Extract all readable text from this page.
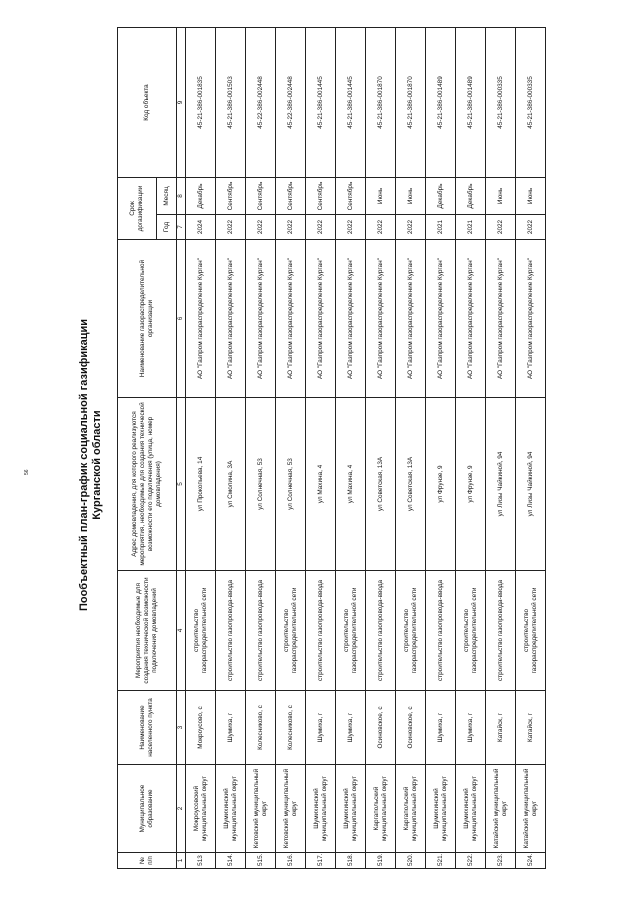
56	Пообъектный план-график социальной газификации Курганской области
№ п/п	Муниципальное образование	Наименование населенного пункта	Мероприятия необходимые для создания технической возможности подключения домовладений	Адрес домовладения, для которого реализуются мероприятия, необходимые для создания технической возможности его подключения (улица, номер домовладения)	Наименование газораспределительной организации	Срок догазификации		Код объекта
						Год	Месяц	
1	2	3	4	5	6	7	8	9
513	Мокроусовский муниципальный округ	Мокроусово, с	строительство газораспределительной сети	ул Прокопьева, 14	АО "Газпром газораспределение Курган"	2024	Декабрь	45-21-386-001835
514.	Шумихинский муниципальный округ	Шумиха, г	строительство газопровода-ввода	ул Смолина, 3А	АО "Газпром газораспределение Курган"	2022	Сентябрь	45-21-386-001503
515.	Кетовский муниципальный округ	Колесниково, с	строительство газопровода-ввода	ул Солнечная, 53	АО "Газпром газораспределение Курган"	2022	Сентябрь	45-22-386-002448
516.	Кетовский муниципальный округ	Колесниково, с	строительство газораспределительной сети	ул Солнечная, 53	АО "Газпром газораспределение Курган"	2022	Сентябрь	45-22-386-002448
517.	Шумихинский муниципальный округ	Шумиха, г	строительство газопровода-ввода	ул Махина, 4	АО "Газпром газораспределение Курган"	2022	Сентябрь	45-21-386-001445
518.	Шумихинский муниципальный округ	Шумиха, г	строительство газораспределительной сети	ул Махина, 4	АО "Газпром газораспределение Курган"	2022	Сентябрь	45-21-386-001445
519.	Каргапольский муниципальный округ	Осиновское, с	строительство газопровода-ввода	ул Советская, 13А	АО "Газпром газораспределение Курган"	2022	Июнь	45-21-386-001870
520.	Каргапольский муниципальный округ	Осиновское, с	строительство газораспределительной сети	ул Советская, 13А	АО "Газпром газораспределение Курган"	2022	Июнь	45-21-386-001870
521.	Шумихинский муниципальный округ	Шумиха, г	строительство газопровода-ввода	ул Фрунзе, 9	АО "Газпром газораспределение Курган"	2021	Декабрь	45-21-386-001489
522.	Шумихинский муниципальный округ	Шумиха, г	строительство газораспределительной сети	ул Фрунзе, 9	АО "Газпром газораспределение Курган"	2021	Декабрь	45-21-386-001489
523.	Катайский муниципальный округ	Катайск, г	строительство газопровода-ввода	ул Лизы Чайкиной, 94	АО "Газпром газораспределение Курган"	2022	Июнь	45-21-386-000335
524.	Катайский муниципальный округ	Катайск, г	строительство газораспределительной сети	ул Лизы Чайкиной, 94	АО "Газпром газораспределение Курган"	2022	Июнь	45-21-386-000335
